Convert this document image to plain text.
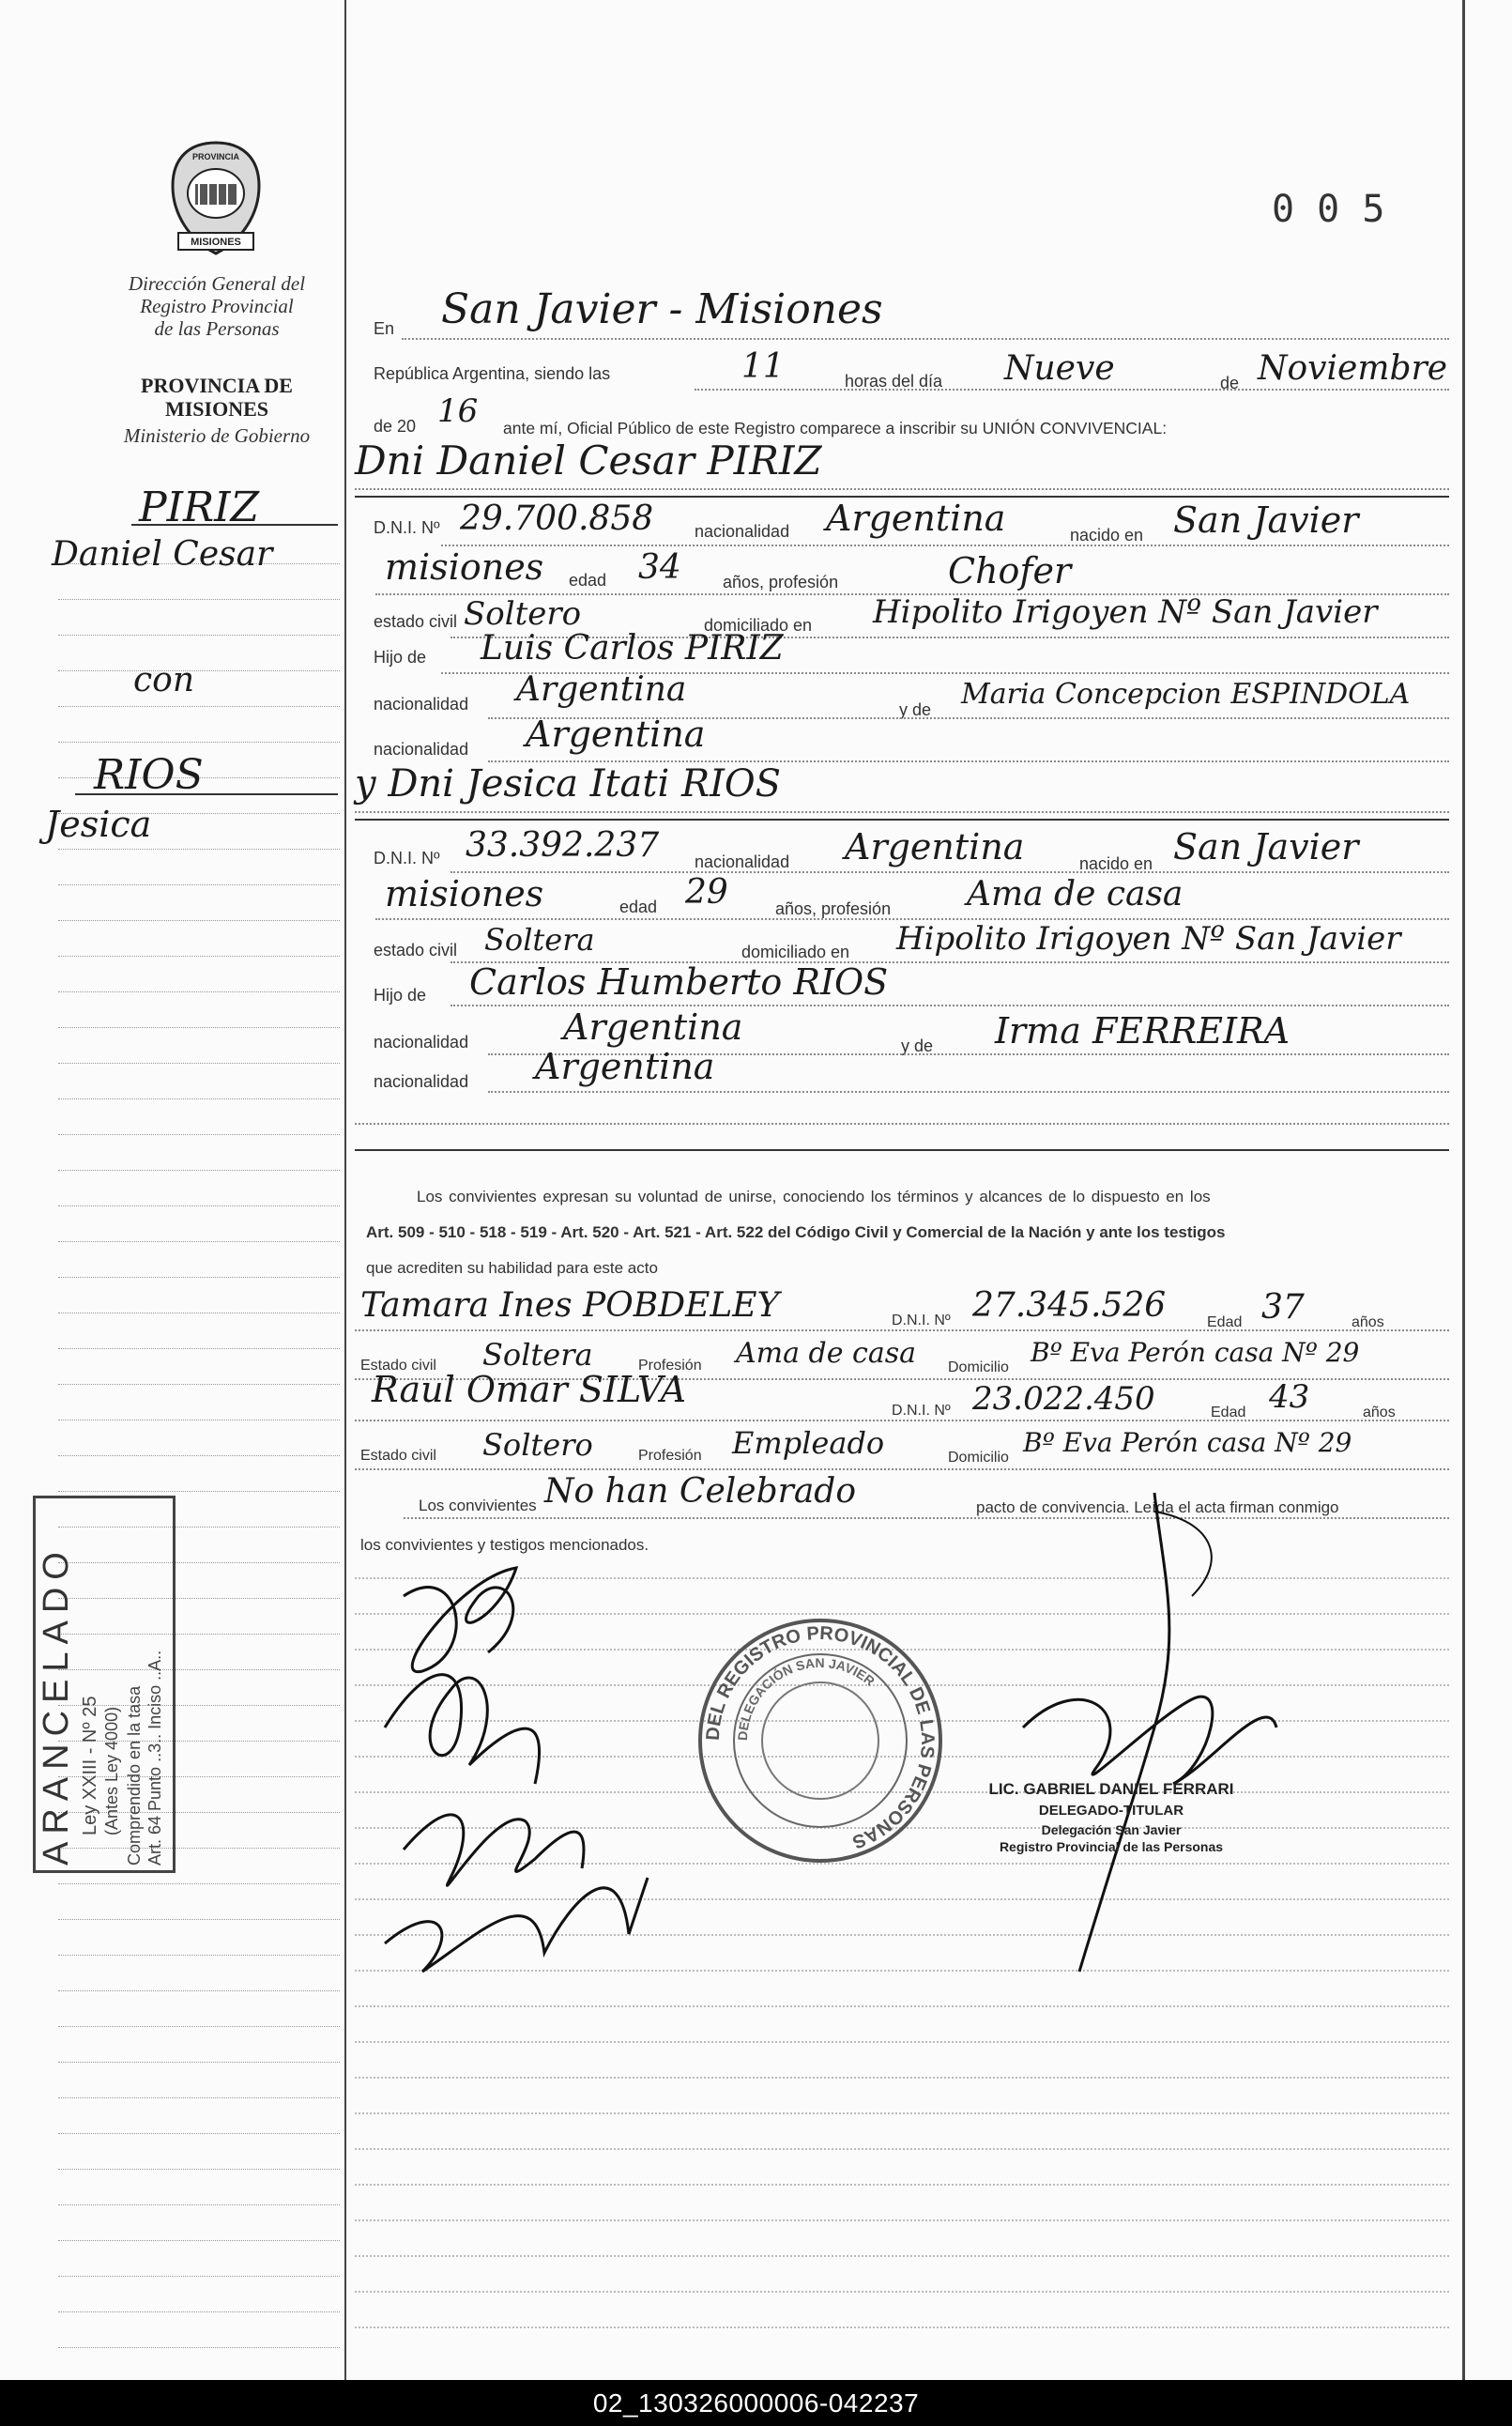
PROVINCIA
MISIONES
Dirección General del
Registro Provincial
de las Personas
PROVINCIA DE
MISIONES
Ministerio de Gobierno
0 0 5
PIRIZ
Daniel Cesar
con
RIOS
Jesica
ARANCELADO Ley XXIII - Nº 25 (Antes Ley 4000) Comprendido en la tasa Art. 64 Punto ..3.. Inciso ..A..
En San Javier - Misiones
República Argentina, siendo las	11	horas del día Nueve	de Noviembre
de 20 16 ante mí, Oficial Público de este Registro comparece a inscribir su UNIÓN CONVIVENCIAL:
Dni Daniel Cesar PIRIZ
D.N.I. Nº 29.700.858 nacionalidad Argentina	nacido en San Javier
misiones edad 34 años, profesión	Chofer
estado civil Soltero	domiciliado en Hipolito Irigoyen Nº San Javier
Hijo de Luis Carlos PIRIZ
nacionalidad Argentina
y de Maria Concepcion ESPINDOLA
nacionalidad Argentina
y Dni Jesica Itati RIOS
D.N.I. Nº 33.392.237 nacionalidad Argentina	nacido en San Javier
misiones	edad 29	años, profesión Ama de casa
estado civil Soltera	domiciliado en Hipolito Irigoyen Nº San Javier
Hijo de Carlos Humberto RIOS
nacionalidad	Argentina	y de Irma FERREIRA
nacionalidad Argentina
Los convivientes expresan su voluntad de unirse, conociendo los términos y alcances de lo dispuesto en los
Art. 509 - 510 - 518 - 519 - Art. 520 - Art. 521 - Art. 522 del Código Civil y Comercial de la Nación y ante los testigos
que acrediten su habilidad para este acto
Tamara Ines POBDELEY	D.N.I. Nº 27.345.526	Edad 37	años
Estado civil Soltera	Profesión Ama de casa Domicilio Bº Eva Perón casa Nº 29
Raul Omar SILVA
D.N.I. Nº 23.022.450	Edad 43	años
Estado civil Soltero	Profesión Empleado	Domicilio Bº Eva Perón casa Nº 29
Los convivientes No han Celebrado	pacto de convivencia. Leída el acta firman conmigo
los convivientes y testigos mencionados.
DEL REGISTRO PROVINCIAL DE LAS PERSONAS
DELEGACIÓN SAN JAVIER
LIC. GABRIEL DANIEL FERRARI
DELEGADO-TITULAR
Delegación San Javier
Registro Provincial de las Personas
02_130326000006-042237
